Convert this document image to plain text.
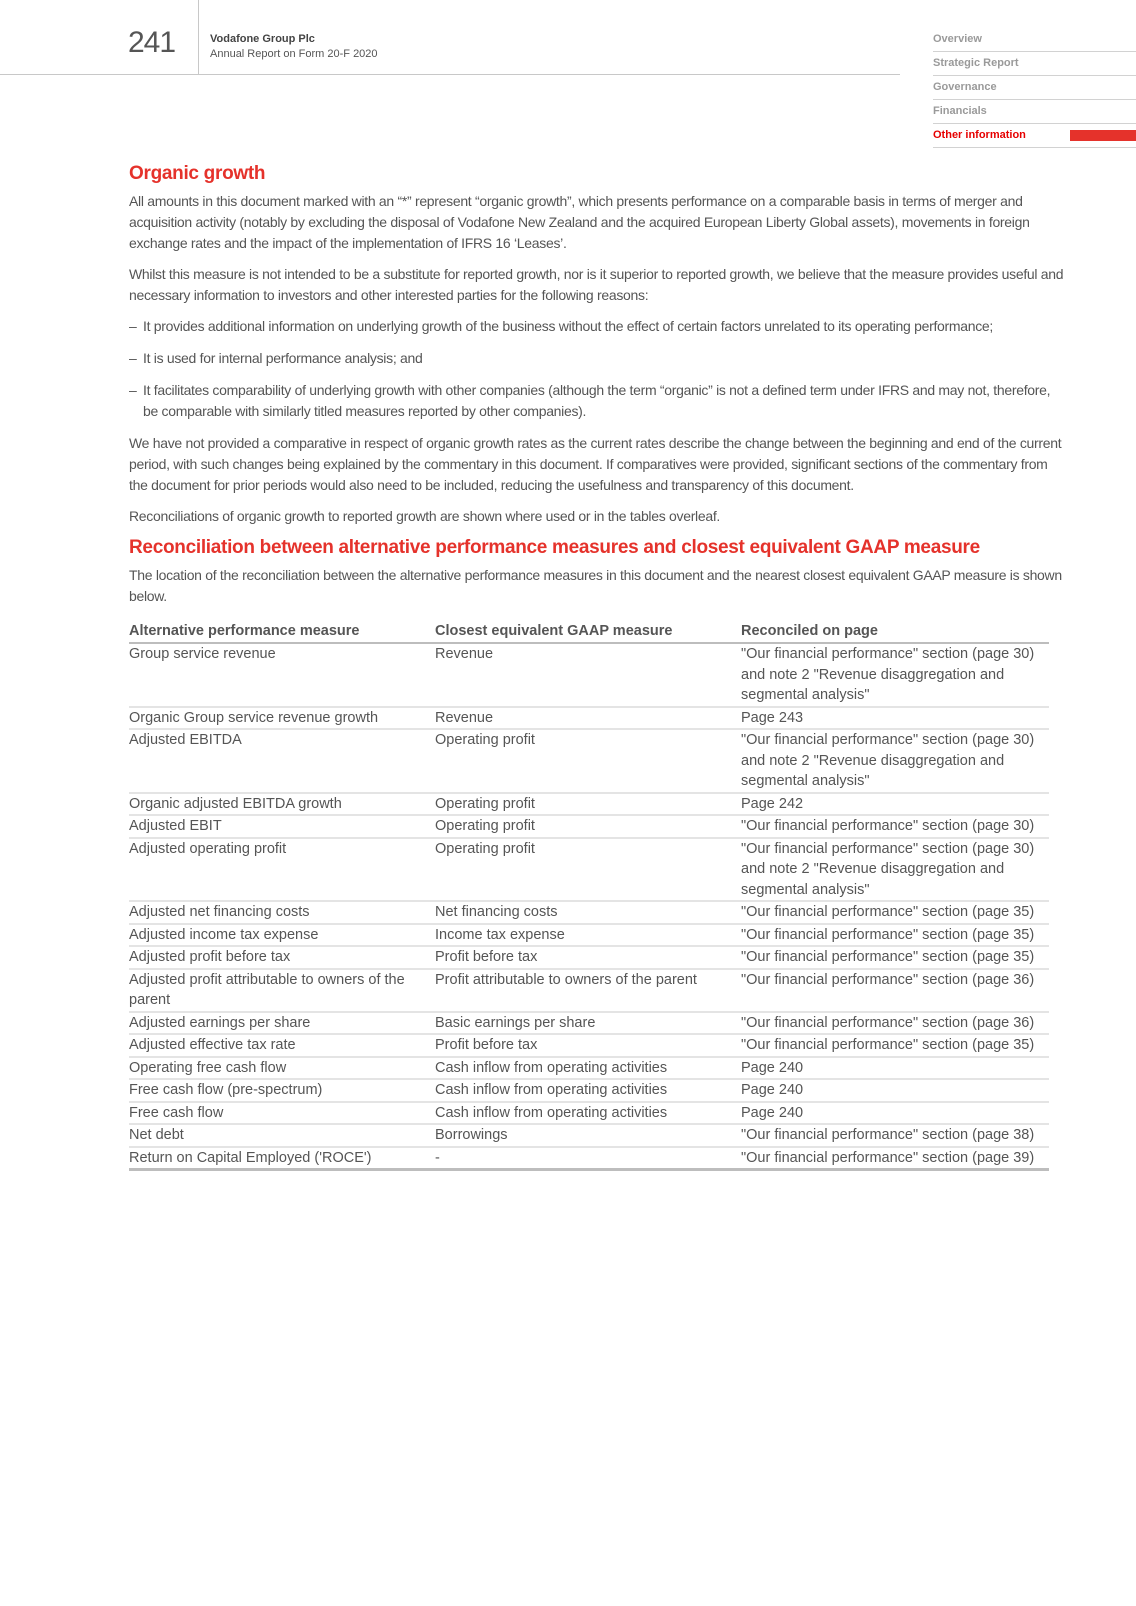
241	Vodafone Group Plc
Annual Report on Form 20-F 2020
Overview
Strategic Report
Governance
Financials
Other information
Organic growth

All amounts in this document marked with an “*” represent “organic growth”, which presents performance on a comparable basis in terms of merger and acquisition activity (notably by excluding the disposal of Vodafone New Zealand and the acquired European Liberty Global assets), movements in foreign exchange rates and the impact of the implementation of IFRS 16 ‘Leases’.

Whilst this measure is not intended to be a substitute for reported growth, nor is it superior to reported growth, we believe that the measure provides useful and necessary information to investors and other interested parties for the following reasons:

– It provides additional information on underlying growth of the business without the effect of certain factors unrelated to its operating performance;
– It is used for internal performance analysis; and
– It facilitates comparability of underlying growth with other companies (although the term “organic” is not a defined term under IFRS and may not, therefore, be comparable with similarly titled measures reported by other companies).

We have not provided a comparative in respect of organic growth rates as the current rates describe the change between the beginning and end of the current period, with such changes being explained by the commentary in this document. If comparatives were provided, significant sections of the commentary from the document for prior periods would also need to be included, reducing the usefulness and transparency of this document.

Reconciliations of organic growth to reported growth are shown where used or in the tables overleaf.

Reconciliation between alternative performance measures and closest equivalent GAAP measure

The location of the reconciliation between the alternative performance measures in this document and the nearest closest equivalent GAAP measure is shown below.

Alternative performance measure	Closest equivalent GAAP measure	Reconciled on page
Group service revenue	Revenue	"Our financial performance" section (page 30) and note 2 "Revenue disaggregation and segmental analysis"
Organic Group service revenue growth	Revenue	Page 243
Adjusted EBITDA	Operating profit	"Our financial performance" section (page 30) and note 2 "Revenue disaggregation and segmental analysis"
Organic adjusted EBITDA growth	Operating profit	Page 242
Adjusted EBIT	Operating profit	"Our financial performance" section (page 30)
Adjusted operating profit	Operating profit	"Our financial performance" section (page 30) and note 2 "Revenue disaggregation and segmental analysis"
Adjusted net financing costs	Net financing costs	"Our financial performance" section (page 35)
Adjusted income tax expense	Income tax expense	"Our financial performance" section (page 35)
Adjusted profit before tax	Profit before tax	"Our financial performance" section (page 35)
Adjusted profit attributable to owners of the parent	Profit attributable to owners of the parent	"Our financial performance" section (page 36)
Adjusted earnings per share	Basic earnings per share	"Our financial performance" section (page 36)
Adjusted effective tax rate	Profit before tax	"Our financial performance" section (page 35)
Operating free cash flow	Cash inflow from operating activities	Page 240
Free cash flow (pre-spectrum)	Cash inflow from operating activities	Page 240
Free cash flow	Cash inflow from operating activities	Page 240
Net debt	Borrowings	"Our financial performance" section (page 38)
Return on Capital Employed ('ROCE')	-	"Our financial performance" section (page 39)
